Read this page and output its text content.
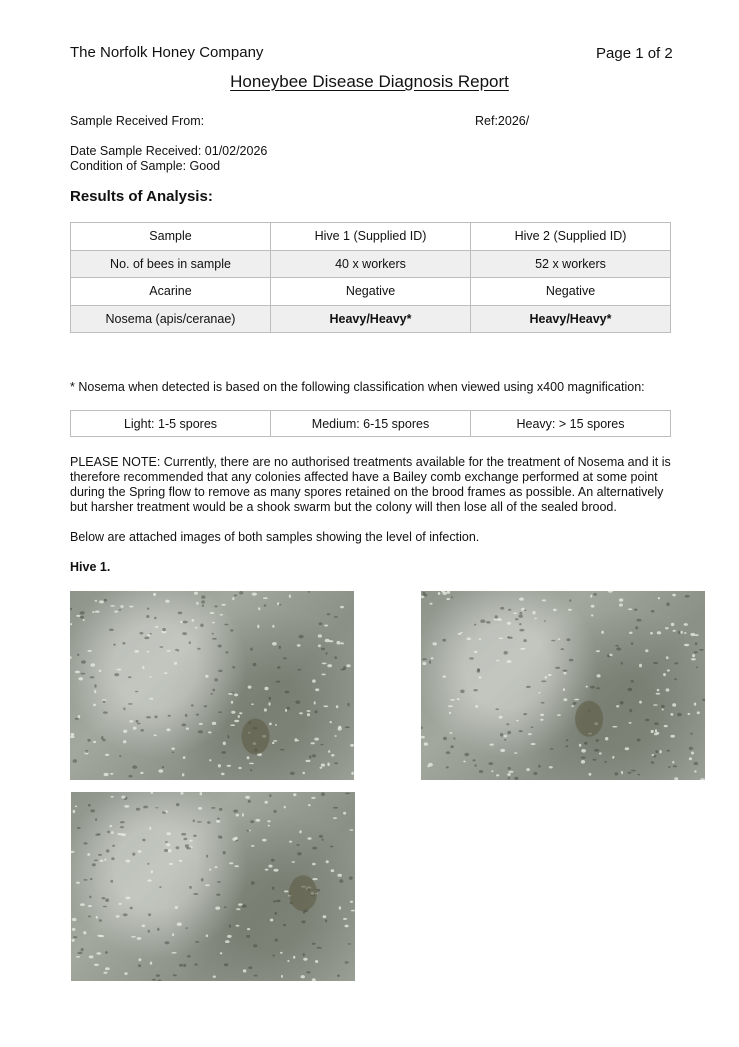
The Norfolk Honey Company	Page 1 of 2
Honeybee Disease Diagnosis Report
Sample Received From:	Ref:2026/
Date Sample Received: 01/02/2026
Condition of Sample: Good
Results of Analysis:
Sample	Hive 1 (Supplied ID)	Hive 2 (Supplied ID)
No. of bees in sample	40 x workers	52 x workers
Acarine	Negative	Negative
Nosema (apis/ceranae)	Heavy/Heavy*	Heavy/Heavy*
* Nosema when detected is based on the following classification when viewed using x400 magnification:
Light: 1-5 spores	Medium: 6-15 spores	Heavy: > 15 spores
PLEASE NOTE: Currently, there are no authorised treatments available for the treatment of Nosema and it is therefore recommended that any colonies affected have a Bailey comb exchange performed at some point during the Spring flow to remove as many spores retained on the brood frames as possible. An alternatively but harsher treatment would be a shook swarm but the colony will then lose all of the sealed brood.
Below are attached images of both samples showing the level of infection.
Hive 1.
